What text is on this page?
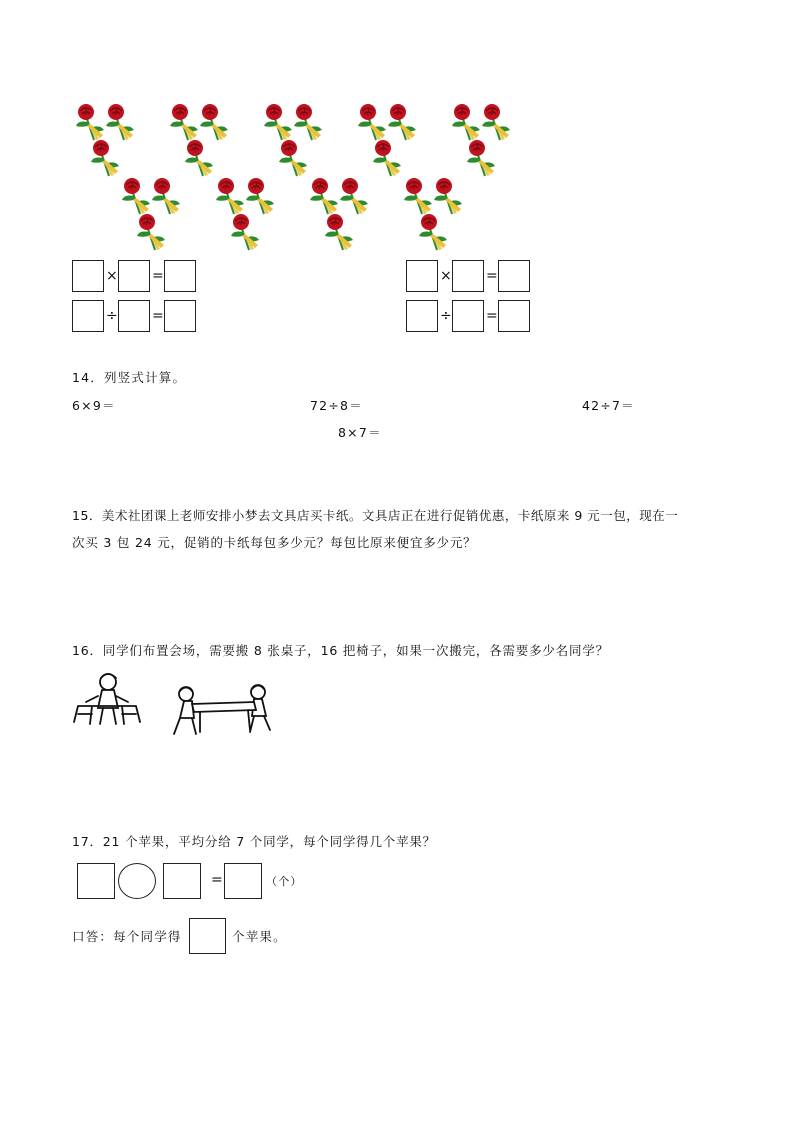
× =
÷ =
× =
÷ =
14．列竖式计算。
6×9＝	72÷8＝	42÷7＝
8×7＝
15．美术社团课上老师安排小梦去文具店买卡纸。文具店正在进行促销优惠，卡纸原来 9 元一包，现在一
次买 3 包 24 元，促销的卡纸每包多少元？每包比原来便宜多少元？
16．同学们布置会场，需要搬 8 张桌子，16 把椅子，如果一次搬完，各需要多少名同学？
17．21 个苹果，平均分给 7 个同学，每个同学得几个苹果？
=	（个）
口答：每个同学得	个苹果。
